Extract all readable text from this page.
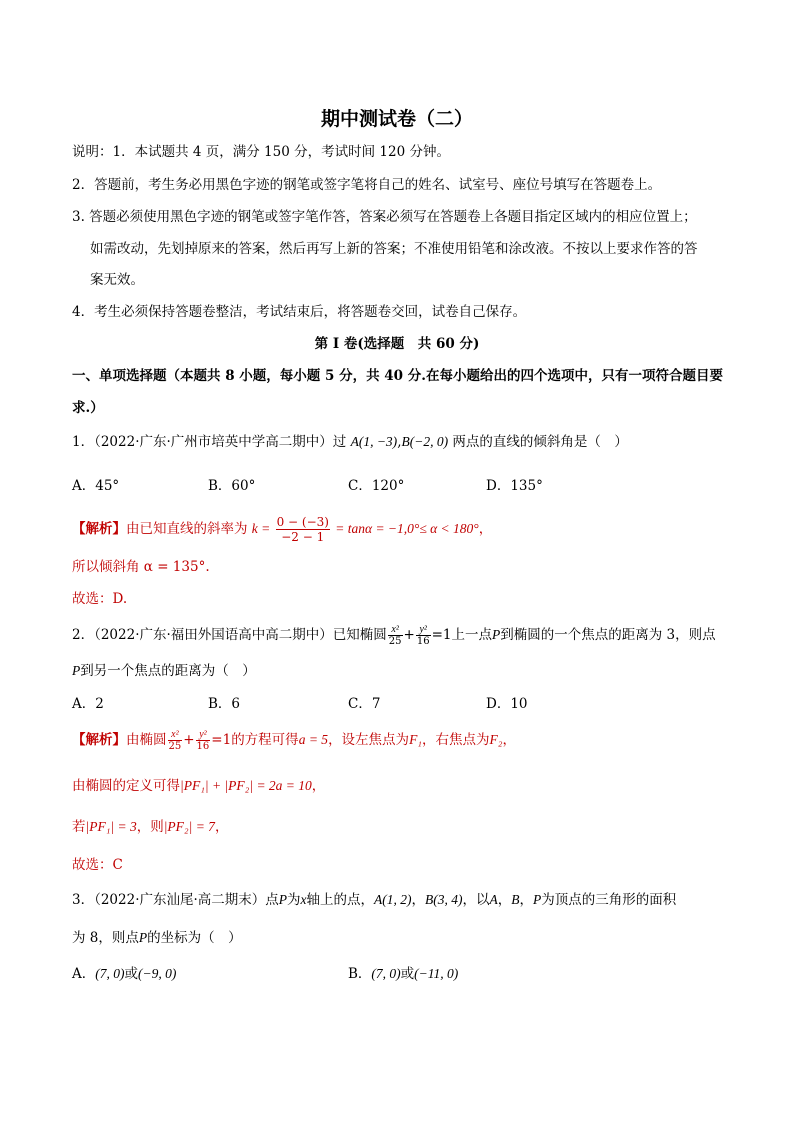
期中测试卷（二）
说明：1．本试题共 4 页，满分 150 分，考试时间 120 分钟。
2．答题前，考生务必用黑色字迹的钢笔或签字笔将自己的姓名、试室号、座位号填写在答题卷上。
3. 答题必须使用黑色字迹的钢笔或签字笔作答，答案必须写在答题卷上各题目指定区域内的相应位置上；
如需改动，先划掉原来的答案，然后再写上新的答案；不准使用铅笔和涂改液。不按以上要求作答的答
案无效。
4．考生必须保持答题卷整洁，考试结束后，将答题卷交回，试卷自己保存。
第 I 卷(选择题　共 60 分)
一、单项选择题（本题共 8 小题，每小题 5 分，共 40 分.在每小题给出的四个选项中，只有一项符合题目要
求.）
1．（2022·广东·广州市培英中学高二期中）过 A(1, −3),B(−2, 0) 两点的直线的倾斜角是（　）
A．45°	B．60°	C．120°	D．135°
【解析】由已知直线的斜率为 $k = \frac{0 - (-3)}{-2 - 1} = \tan\alpha = -1,0^\circ\le \alpha < 180^\circ$，
所以倾斜角 α = 135°.
故选：D.
2．（2022·广东·福田外国语高中高二期中）已知椭圆 $\frac{\text{x²}}{25} + \frac{\text{y²}}{16} =1$上一点P到椭圆的一个焦点的距离为 3，则点
P到另一个焦点的距离为（　）
A．2	B．6	C．7	D．10
【解析】由椭圆 $\frac{\text{x²}}{25} + \frac{\text{y²}}{16} =1$的方程可得a = 5，设左焦点为F₁，右焦点为F₂，
由椭圆的定义可得|PF₁| + |PF₂| = 2a = 10，
若|PF₁| = 3，则|PF₂| = 7，
故选：C
3．（2022·广东汕尾·高二期末）点P为x轴上的点，A(1, 2)，B(3, 4)，以A，B，P为顶点的三角形的面积
为 8，则点P的坐标为（　）
A．(7, 0)或(−9, 0)	B．(7, 0)或(−11, 0)
